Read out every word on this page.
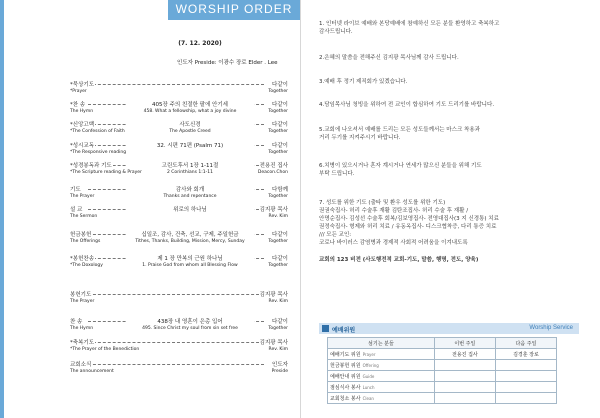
WORSHIP ORDER
(7. 12. 2020)
인도자 Preside: 이광수 장로 Elder . Lee
*묵상기도	다같이
*Prayer	Together
*찬 송	405장 주의 친절한 팔에 안기세	다같이
The Hymn	458. What a fellowship, what a joy divine	Together
*신앙고백	사도신경	다같이
*The Confession of Faith	The Apostle Creed	Together
*성시교독	32. 시편 71편 (Psalm 71)	다같이
*The Responsive reading	Together
*성경봉독과 기도	고린도후서 1장 1-11절	전용진 집사
*The Scripture reading & Prayer	2 Corinthians 1:1-11	Deacon.Chon
기도	감사와 회개	다함께
The Prayer	Thanks and repentance	Together
설 교	위로의 하나님	김지광 목사
The Sermon	Rev. Kim
헌금봉헌	십일조, 감사, 건축, 선교, 구제, 주일헌금	다같이
The Offerings	Tithes, Thanks, Building, Mission, Mercy, Sunday	Together
*봉헌찬송	제 1 장 만복의 근원 하나님	다같이
*The Doxology	1. Praise God from whom all Blessing Flow	Together
봉헌기도	김지광 목사
The Prayer	Rev. Kim
찬 송	438장 내 영혼이 은총 입어	다같이
The Hymn	495. Since Christ my soul from sin set free	Together
*축복기도	김지광 목사
*The Prayer of the Benediction	Rev. Kim
교회소식	인도자
The announcement	Preside
1. 인터넷 라이브 예배와 본당예배에 참예하신 모든 분들 환영하고 축복하고
감사드립니다.
2.은혜의 말씀을 전해주신 김지광 목사님께 감사 드립니다.
3.예배 후 정기 제직회가 있겠습니다.
4.담임목사님 청빙을 위하여 전 교인이 합심하여 기도 드리기를 바랍니다.
5.교회에 나오셔서 예배를 드리는 모든 성도들께서는 마스크 착용과
거리 두기를 지켜주시기 바랍니다.
6.치병이 있으시거나 혼자 계시거나 연세가 많으신 분들을 위해 기도
부탁 드립니다.
7. 성도를 위한 기도 (출타 및 환우 성도를 위한 기도)
권권숙집사- 허리 수술후 재활 김탄조집사- 허리 수술 후 재활 /
안명순집사- 김성선 수술후 회복/김보영집사- 전영대집사(3 지 신경통) 치료
권정숙집사- 형제와 허리 치료 / 유동옥집사- 디스크협착증, 다리 통증 치료
/// 모든 교인:
코로나 바이러스 감염병과 경제적 사회적 어려움을 이겨내도록
교회의 123 비전 (사도행전적 교회-기도, 말씀, 행명, 전도, 양육)
예배위원	Worship Service
섬기는 분들	이번 주일	다음 주일
예배기도 위원 Prayer	전용진 집사	김경훈 장로
헌금봉헌 위원 Offering		
예배안내 위원 Guide		
점심식사 봉사 Lunch		
교회청소 봉사 Clean		
